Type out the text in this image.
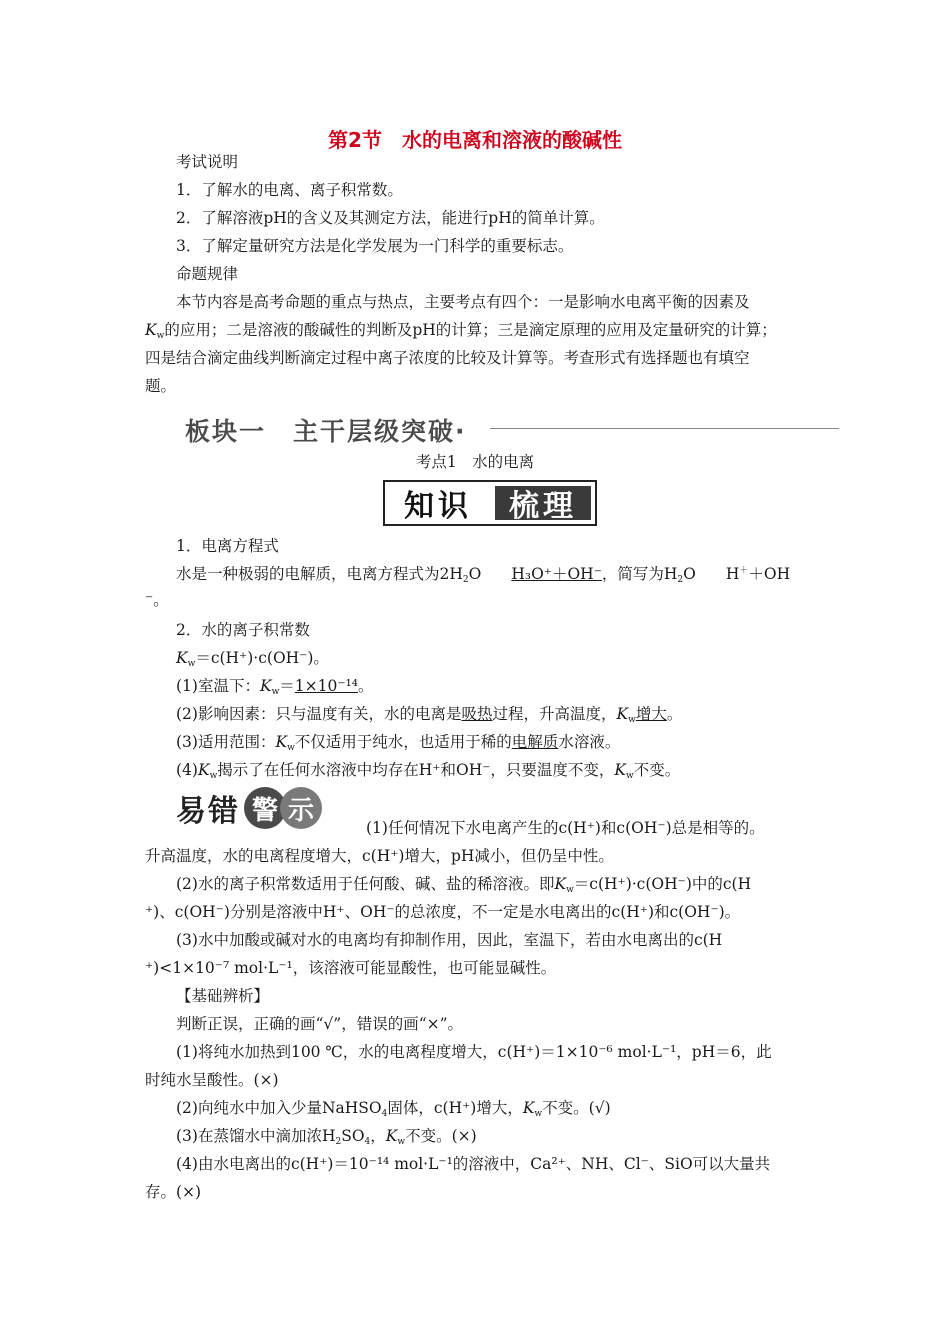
第2节　水的电离和溶液的酸碱性
考试说明
1．了解水的电离、离子积常数。
2．了解溶液pH的含义及其测定方法，能进行pH的简单计算。
3．了解定量研究方法是化学发展为一门科学的重要标志。
命题规律
本节内容是高考命题的重点与热点，主要考点有四个：一是影响水电离平衡的因素及
$K_w$的应用；二是溶液的酸碱性的判断及pH的计算；三是滴定原理的应用及定量研究的计算；
四是结合滴定曲线判断滴定过程中离子浓度的比较及计算等。考查形式有选择题也有填空
题。
板块一　主干层级突破·
考点1　水的电离
知识	梳理
1．电离方程式
水是一种极弱的电解质，电离方程式为$2H_2O$ H₃O⁺＋OH⁻，简写为$H_2O$ H＋＋OH
⁻。
2．水的离子积常数
$K_w=c(H^+)\cdot c(OH^-)$。
(1)室温下：$K_w=1\times 10^{-14}$。
(2)影响因素：只与温度有关，水的电离是吸热过程，升高温度，$K_w$增大。
(3)适用范围：$K_w$不仅适用于纯水，也适用于稀的电解质水溶液。
$(4)K_w$揭示了在任何水溶液中均存在H⁺和OH⁻，只要温度不变，$K_w$不变。
易错 警 示
(1)任何情况下水电离产生的c(H⁺)和c(OH⁻)总是相等的。
升高温度，水的电离程度增大，c(H⁺)增大，pH减小，但仍呈中性。
(2)水的离子积常数适用于任何酸、碱、盐的稀溶液。即$K_w=c(H^+)\cdot c(OH^-)$中的c(H
⁺)、c(OH⁻)分别是溶液中H⁺、OH⁻的总浓度，不一定是水电离出的c(H⁺)和c(OH⁻)。
(3)水中加酸或碱对水的电离均有抑制作用，因此，室温下，若由水电离出的c(H
⁺)<1×10⁻⁷ mol·L⁻¹，该溶液可能显酸性，也可能显碱性。
【基础辨析】
判断正误，正确的画“√”，错误的画“×”。
(1)将纯水加热到100 ℃，水的电离程度增大，c(H⁺)＝1×10⁻⁶ mol·L⁻¹，pH＝6，此
时纯水呈酸性。(×)
(2)向纯水中加入少量NaHSO$_4$固体，c(H⁺)增大，$K_w$不变。(√)
(3)在蒸馏水中滴加浓$H_2SO_4$，$K_w$不变。(×)
(4)由水电离出的c(H⁺)＝10⁻¹⁴ mol·L⁻¹的溶液中，Ca²⁺、NH、Cl⁻、SiO可以大量共
存。(×)
